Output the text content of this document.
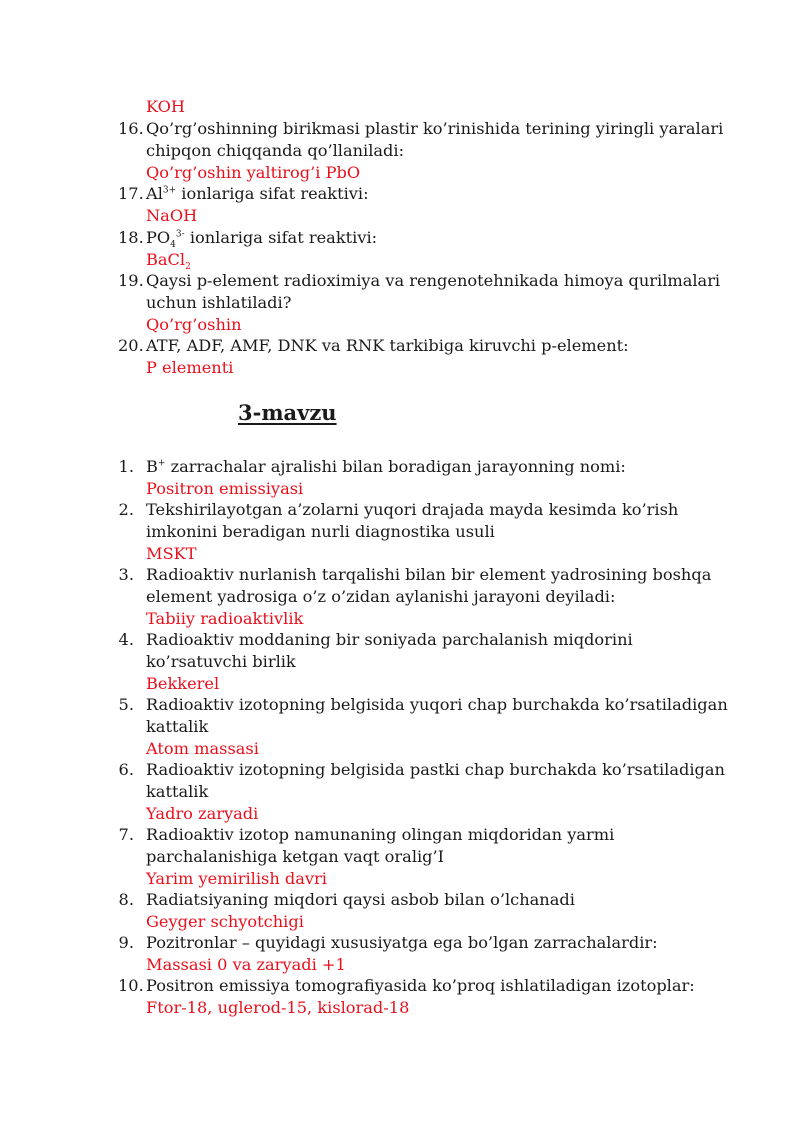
KOH
16. Qo’rg’oshinning birikmasi plastir ko’rinishida terining yiringli yaralari
chipqon chiqqanda qo’llaniladi:
Qo’rg’oshin yaltirog’i PbO
17. $Al^{3+}$ ionlariga sifat reaktivi:
NaOH
18. $PO_4^{3-}$ ionlariga sifat reaktivi:
BaCl$_2$
19. Qaysi p-element radioximiya va rengenotehnikada himoya qurilmalari
uchun ishlatiladi?
Qo’rg’oshin
20. ATF, ADF, AMF, DNK va RNK tarkibiga kiruvchi p-element:
P elementi
3-mavzu
1. B+ zarrachalar ajralishi bilan boradigan jarayonning nomi:
Positron emissiyasi
2. Tekshirilayotgan a’zolarni yuqori drajada mayda kesimda ko’rish
imkonini beradigan nurli diagnostika usuli
MSKT
3. Radioaktiv nurlanish tarqalishi bilan bir element yadrosining boshqa
element yadrosiga o’z o’zidan aylanishi jarayoni deyiladi:
Tabiiy radioaktivlik
4. Radioaktiv moddaning bir soniyada parchalanish miqdorini
ko’rsatuvchi birlik
Bekkerel
5. Radioaktiv izotopning belgisida yuqori chap burchakda ko’rsatiladigan
kattalik
Atom massasi
6. Radioaktiv izotopning belgisida pastki chap burchakda ko’rsatiladigan
kattalik
Yadro zaryadi
7. Radioaktiv izotop namunaning olingan miqdoridan yarmi
parchalanishiga ketgan vaqt oralig’I
Yarim yemirilish davri
8. Radiatsiyaning miqdori qaysi asbob bilan o’lchanadi
Geyger schyotchigi
9. Pozitronlar – quyidagi xususiyatga ega bo’lgan zarrachalardir:
Massasi 0 va zaryadi +1
10. Positron emissiya tomografiyasida ko’proq ishlatiladigan izotoplar:
Ftor-18, uglerod-15, kislorad-18
